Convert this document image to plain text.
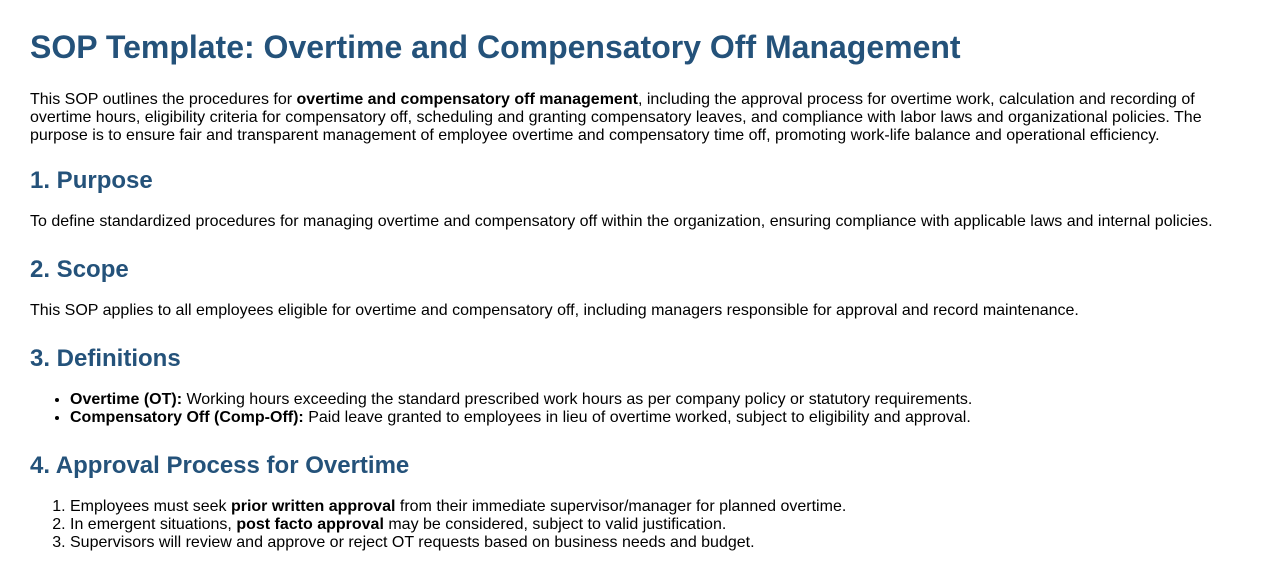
SOP Template: Overtime and Compensatory Off Management

This SOP outlines the procedures for overtime and compensatory off management, including the approval process for overtime work, calculation and recording of overtime hours, eligibility criteria for compensatory off, scheduling and granting compensatory leaves, and compliance with labor laws and organizational policies. The purpose is to ensure fair and transparent management of employee overtime and compensatory time off, promoting work-life balance and operational efficiency.

1. Purpose

To define standardized procedures for managing overtime and compensatory off within the organization, ensuring compliance with applicable laws and internal policies.

2. Scope

This SOP applies to all employees eligible for overtime and compensatory off, including managers responsible for approval and record maintenance.

3. Definitions
• Overtime (OT): Working hours exceeding the standard prescribed work hours as per company policy or statutory requirements.
• Compensatory Off (Comp-Off): Paid leave granted to employees in lieu of overtime worked, subject to eligibility and approval.
4. Approval Process for Overtime
1. Employees must seek prior written approval from their immediate supervisor/manager for planned overtime.
2. In emergent situations, post facto approval may be considered, subject to valid justification.
3. Supervisors will review and approve or reject OT requests based on business needs and budget.
